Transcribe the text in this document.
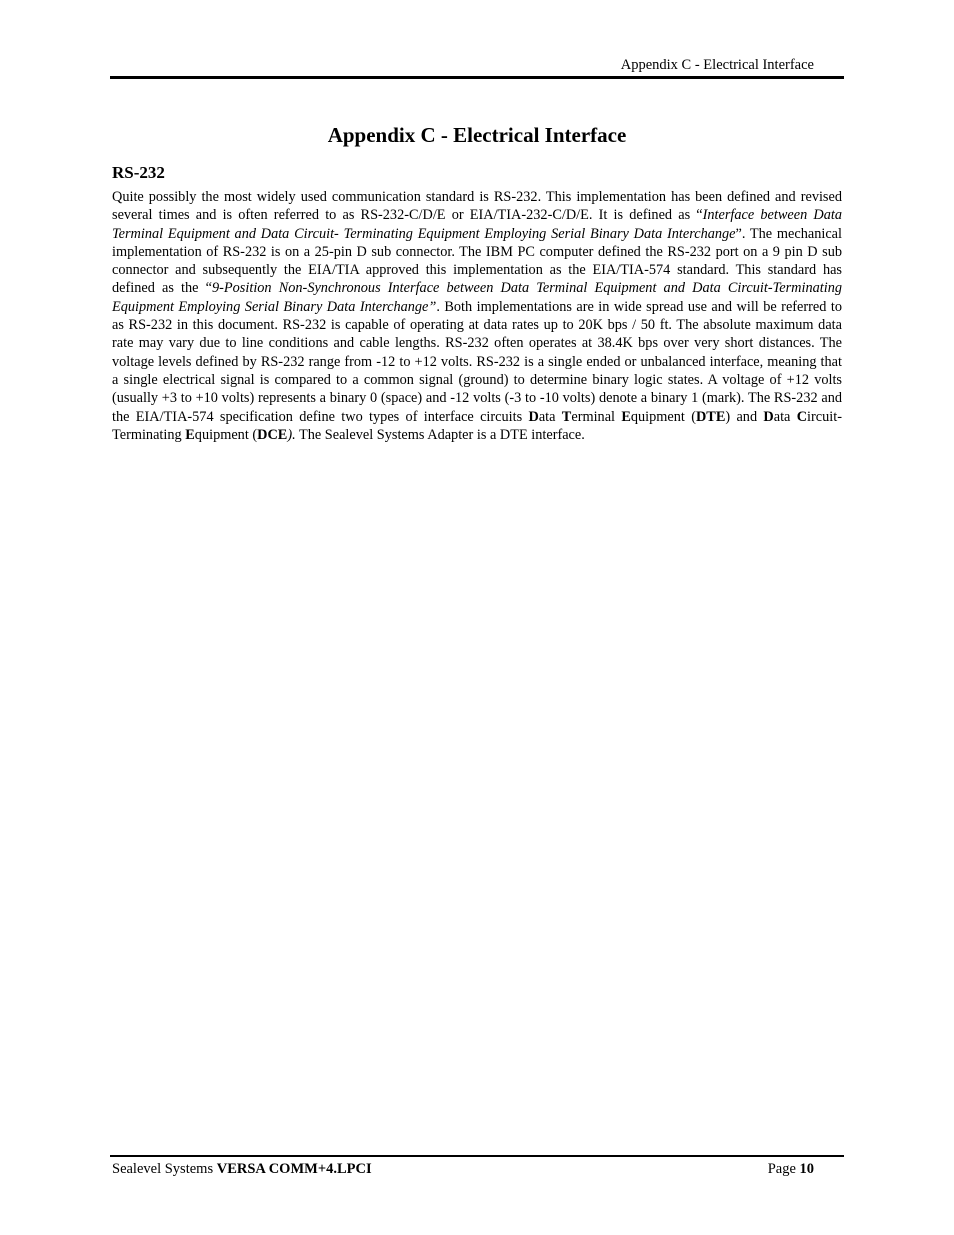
Appendix C - Electrical Interface
Appendix C - Electrical Interface
RS-232

Quite possibly the most widely used communication standard is RS-232. This implementation has been defined and revised several times and is often referred to as RS-232-C/D/E or EIA/TIA-232-C/D/E. It is defined as “Interface between Data Terminal Equipment and Data Circuit- Terminating Equipment Employing Serial Binary Data Interchange”. The mechanical implementation of RS-232 is on a 25-pin D sub connector. The IBM PC computer defined the RS-232 port on a 9 pin D sub connector and subsequently the EIA/TIA approved this implementation as the EIA/TIA-574 standard. This standard has defined as the “9-Position Non-Synchronous Interface between Data Terminal Equipment and Data Circuit-Terminating Equipment Employing Serial Binary Data Interchange”. Both implementations are in wide spread use and will be referred to as RS-232 in this document. RS-232 is capable of operating at data rates up to 20K bps / 50 ft. The absolute maximum data rate may vary due to line conditions and cable lengths. RS-232 often operates at 38.4K bps over very short distances. The voltage levels defined by RS-232 range from -12 to +12 volts. RS-232 is a single ended or unbalanced interface, meaning that a single electrical signal is compared to a common signal (ground) to determine binary logic states. A voltage of +12 volts (usually +3 to +10 volts) represents a binary 0 (space) and -12 volts (-3 to -10 volts) denote a binary 1 (mark). The RS-232 and the EIA/TIA-574 specification define two types of interface circuits Data Terminal Equipment (DTE) and Data Circuit-Terminating Equipment (DCE). The Sealevel Systems Adapter is a DTE interface.

Sealevel Systems VERSA COMM+4.LPCI	Page 10
